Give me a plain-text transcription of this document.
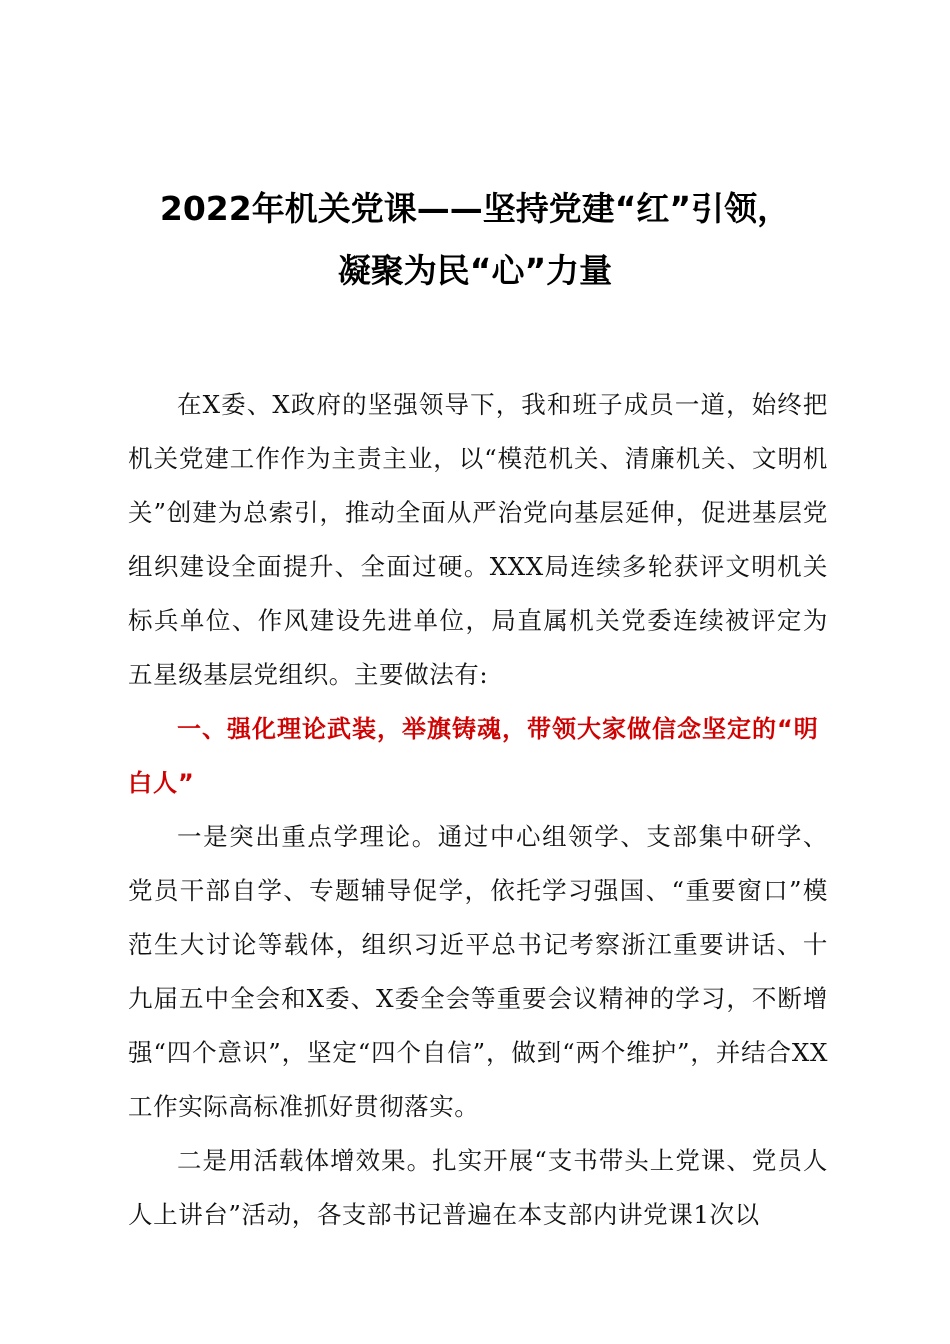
2022年机关党课——坚持党建“红”引领，
凝聚为民“心”力量

在X委、X政府的坚强领导下，我和班子成员一道，始终把机关党建工作作为主责主业，以“模范机关、清廉机关、文明机关”创建为总索引，推动全面从严治党向基层延伸，促进基层党组织建设全面提升、全面过硬。XXX局连续多轮获评文明机关标兵单位、作风建设先进单位，局直属机关党委连续被评定为五星级基层党组织。主要做法有:

一、强化理论武装，举旗铸魂，带领大家做信念坚定的“明白人”

一是突出重点学理论。通过中心组领学、支部集中研学、党员干部自学、专题辅导促学，依托学习强国、“重要窗口”模范生大讨论等载体，组织习近平总书记考察浙江重要讲话、十九届五中全会和X委、X委全会等重要会议精神的学习，不断增强“四个意识”，坚定“四个自信”，做到“两个维护”，并结合XX工作实际高标准抓好贯彻落实。

二是用活载体增效果。扎实开展“支书带头上党课、党员人人上讲台”活动，各支部书记普遍在本支部内讲党课1次以
